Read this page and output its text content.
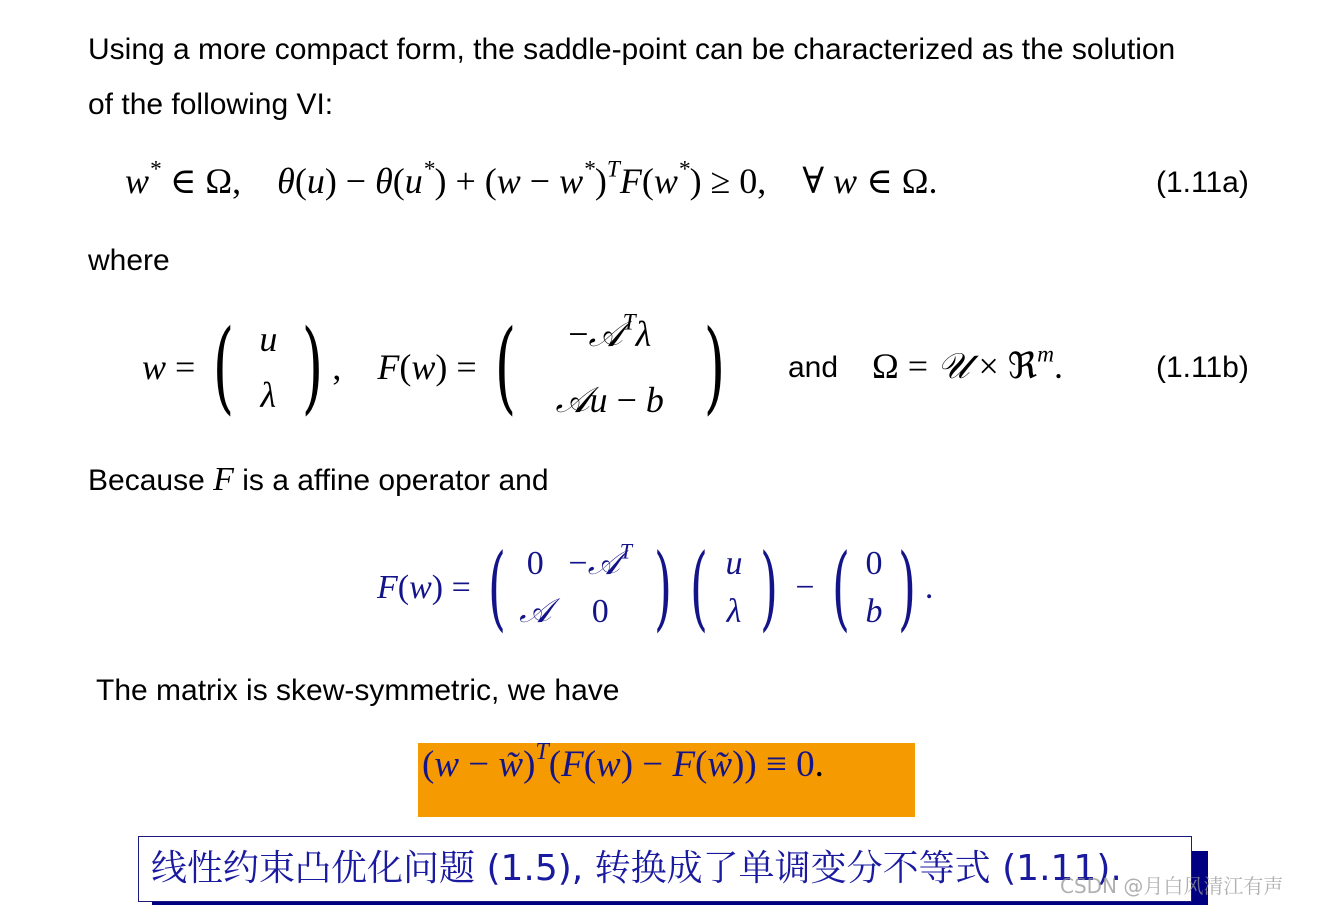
Using a more compact form, the saddle-point can be characterized as the solution
of the following VI:
w* ∈ Ω,    $\theta(u) - \theta(u^*) + (w - w^*)^TF(w^*) \ge 0$, ∀ w ∈ Ω.	(1.11a)
where
w = ( u
λ ) ,
F(w) = (	−𝒜$^T$λ
𝒜u − b ) and Ω = 𝒰 × ℜ$^m$.	(1.11b)
Because F is a affine operator and
F(w) = ( 0
𝒜
−𝒜$^T$
0 ) ( u
λ ) − ( 0
b ) .
The matrix is skew-symmetric, we have
(w − w̃)$^T$(F(w) − F(w̃)) ≡ 0.
线性约束凸优化问题 (1.5), 转换成了单调变分不等式 (1.11).
CSDN @月白风清江有声
